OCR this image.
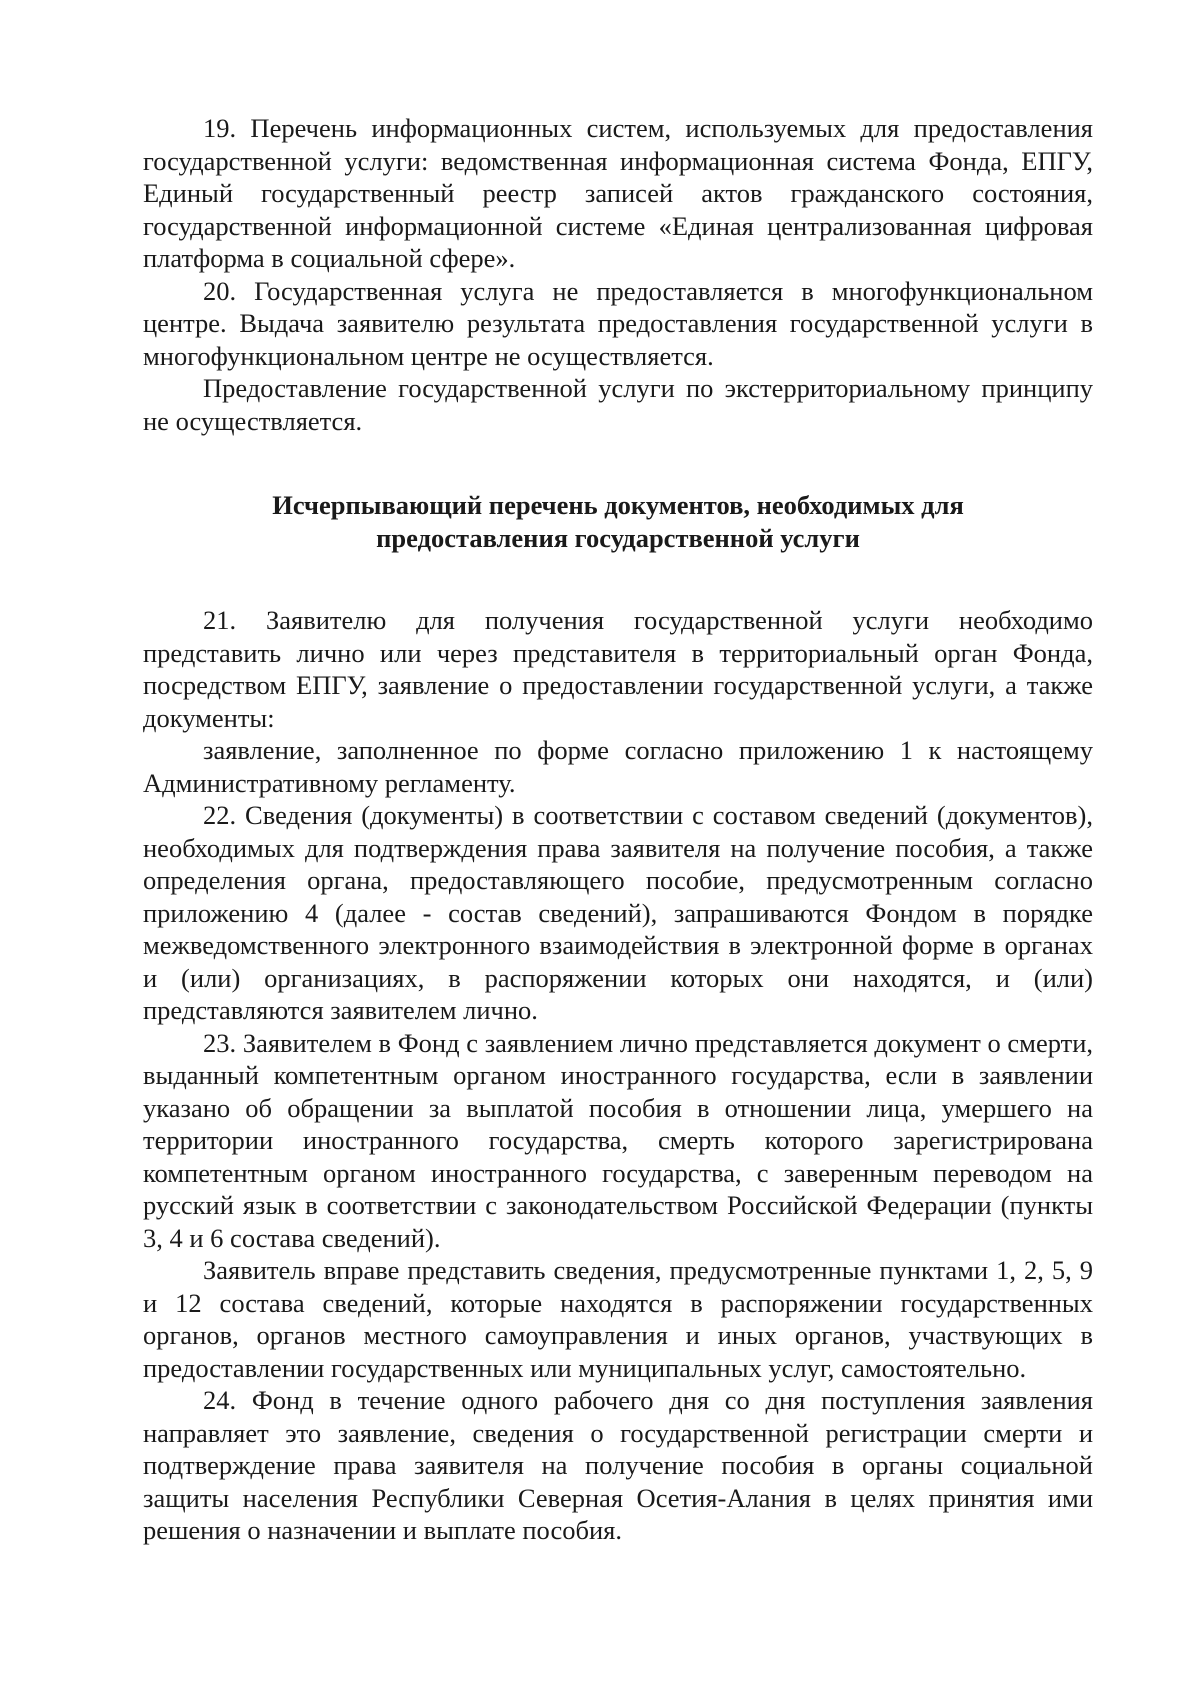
19. Перечень информационных систем, используемых для предоставления государственной услуги: ведомственная информационная система Фонда, ЕПГУ, Единый государственный реестр записей актов гражданского состояния, государственной информационной системе «Единая централизованная цифровая платформа в социальной сфере».

20. Государственная услуга не предоставляется в многофункциональном центре. Выдача заявителю результата предоставления государственной услуги в многофункциональном центре не осуществляется.

Предоставление государственной услуги по экстерриториальному принципу не осуществляется.

Исчерпывающий перечень документов, необходимых для предоставления государственной услуги

21. Заявителю для получения государственной услуги необходимо представить лично или через представителя в территориальный орган Фонда, посредством ЕПГУ, заявление о предоставлении государственной услуги, а также документы:

заявление, заполненное по форме согласно приложению 1 к настоящему Административному регламенту.

22. Сведения (документы) в соответствии с составом сведений (документов), необходимых для подтверждения права заявителя на получение пособия, а также определения органа, предоставляющего пособие, предусмотренным согласно приложению 4 (далее - состав сведений), запрашиваются Фондом в порядке межведомственного электронного взаимодействия в электронной форме в органах и (или) организациях, в распоряжении которых они находятся, и (или) представляются заявителем лично.

23. Заявителем в Фонд с заявлением лично представляется документ о смерти, выданный компетентным органом иностранного государства, если в заявлении указано об обращении за выплатой пособия в отношении лица, умершего на территории иностранного государства, смерть которого зарегистрирована компетентным органом иностранного государства, с заверенным переводом на русский язык в соответствии с законодательством Российской Федерации (пункты 3, 4 и 6 состава сведений).

Заявитель вправе представить сведения, предусмотренные пунктами 1, 2, 5, 9 и 12 состава сведений, которые находятся в распоряжении государственных органов, органов местного самоуправления и иных органов, участвующих в предоставлении государственных или муниципальных услуг, самостоятельно.

24. Фонд в течение одного рабочего дня со дня поступления заявления направляет это заявление, сведения о государственной регистрации смерти и подтверждение права заявителя на получение пособия в органы социальной защиты населения Республики Северная Осетия-Алания в целях принятия ими решения о назначении и выплате пособия.
